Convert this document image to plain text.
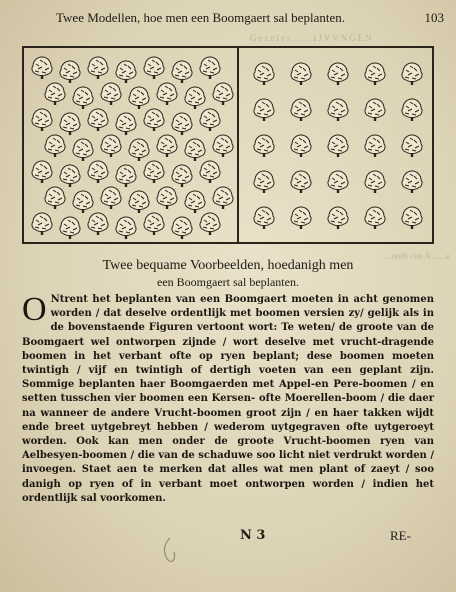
Twee Modellen, hoe men een Boomgaert sal beplanten.	103
Gezeler ....IJVVNGEN
Twee bequame Voorbeelden, hoedanigh men
een Boomgaert sal beplanten.
...reeft cen A ......e
O Ntrent het beplanten van een Boomgaert moeten in acht genomen worden / dat deselve ordentlijk met boomen versien zy/ gelijk als in de bovenstaende Figuren vertoont wort: Te weten/ de groote van de Boomgaert wel ontworpen zijnde / wort deselve met vrucht-dragende boomen in het verbant ofte op ryen beplant; dese boomen moeten twintigh / vijf en twintigh of dertigh voeten van een geplant zijn. Sommige beplanten haer Boomgaerden met Appel-en Pere-boomen / en setten tusschen vier boomen een Kersen- ofte Moerellen-boom / die daer na wanneer de andere Vrucht-boomen groot zijn / en haer takken wijdt ende breet uytgebreyt hebben / wederom uytgegraven ofte uytgeroeyt worden. Ook kan men onder de groote Vrucht-boomen ryen van Aelbesyen-boomen / die van de schaduwe soo licht niet verdrukt worden / invoegen. Staet aen te merken dat alles wat men plant of zaeyt / soo danigh op ryen of in verbant moet ontworpen worden / indien het ordentlijk sal voorkomen.
N 3	RE-
